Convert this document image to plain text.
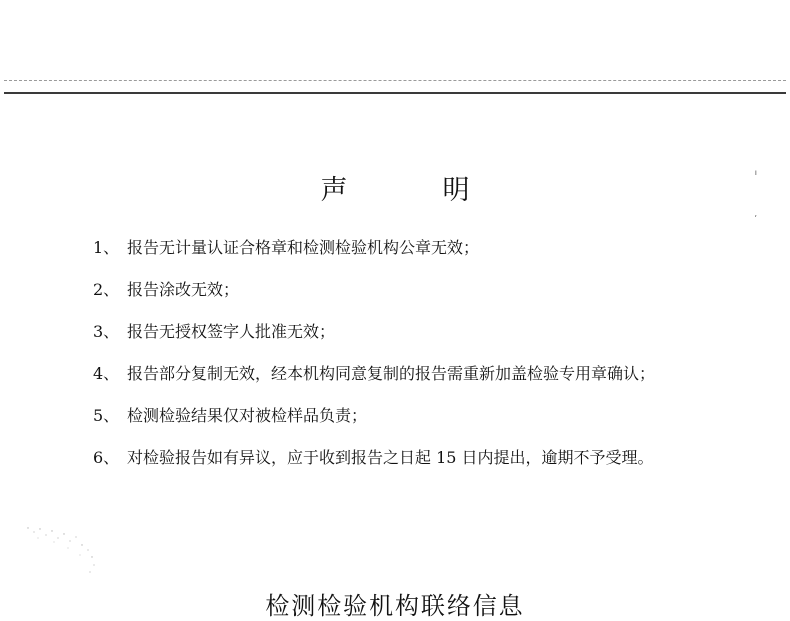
ı
,
声 明
1、 报告无计量认证合格章和检测检验机构公章无效；
2、 报告涂改无效；
3、 报告无授权签字人批准无效；
4、 报告部分复制无效，经本机构同意复制的报告需重新加盖检验专用章确认；
5、 检测检验结果仅对被检样品负责；
6、 对检验报告如有异议，应于收到报告之日起 15 日内提出，逾期不予受理。
检测检验机构联络信息
